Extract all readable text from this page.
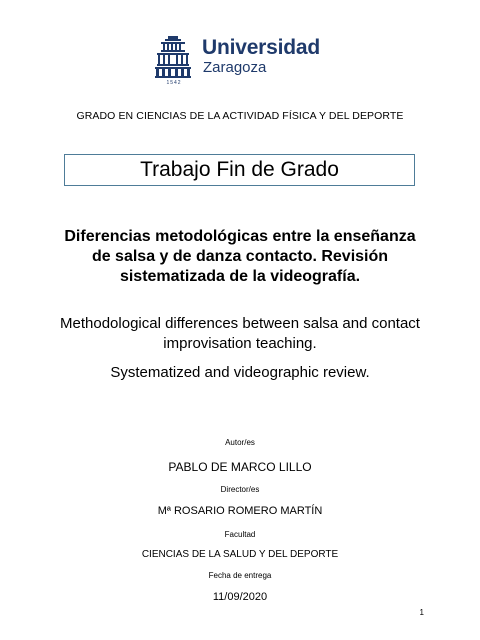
1542
Universidad
Zaragoza
GRADO EN CIENCIAS DE LA ACTIVIDAD FÍSICA Y DEL DEPORTE
Trabajo Fin de Grado
Diferencias metodológicas entre la enseñanza de salsa y de danza contacto. Revisión sistematizada de la videografía.
Methodological differences between salsa and contact improvisation teaching.
Systematized and videographic review.
Autor/es
PABLO DE MARCO LILLO
Director/es
Mª ROSARIO ROMERO MARTÍN
Facultad
CIENCIAS DE LA SALUD Y DEL DEPORTE
Fecha de entrega
11/09/2020
1
